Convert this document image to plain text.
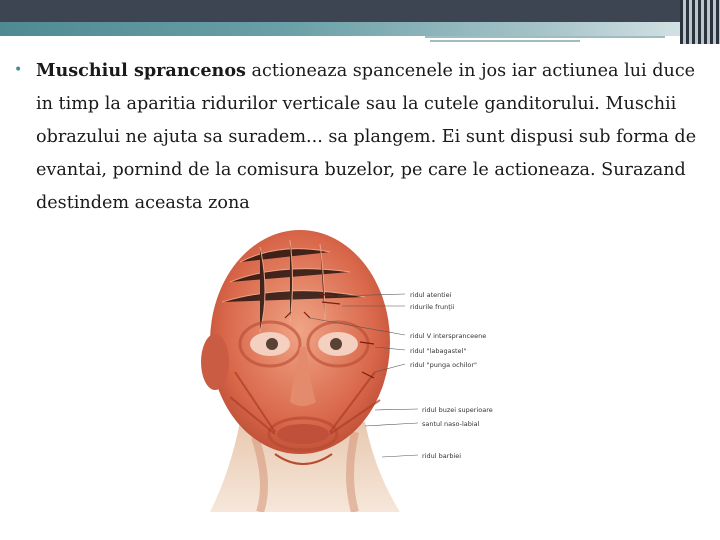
• Muschiul sprancenos actioneaza spancenele in jos iar actiunea lui duce in timp la aparitia ridurilor verticale sau la cutele ganditorului. Muschii obrazului ne ajuta sa suradem... sa plangem. Ei sunt dispusi sub forma de evantai, pornind de la comisura buzelor, pe care le actioneaza. Surazand destindem aceasta zona
ridul atentiei
ridurile frunții
ridul V interspranceene
ridul "labagastel"
ridul "punga ochilor"
ridul buzei superioare
santul naso-labial
ridul barbiei
